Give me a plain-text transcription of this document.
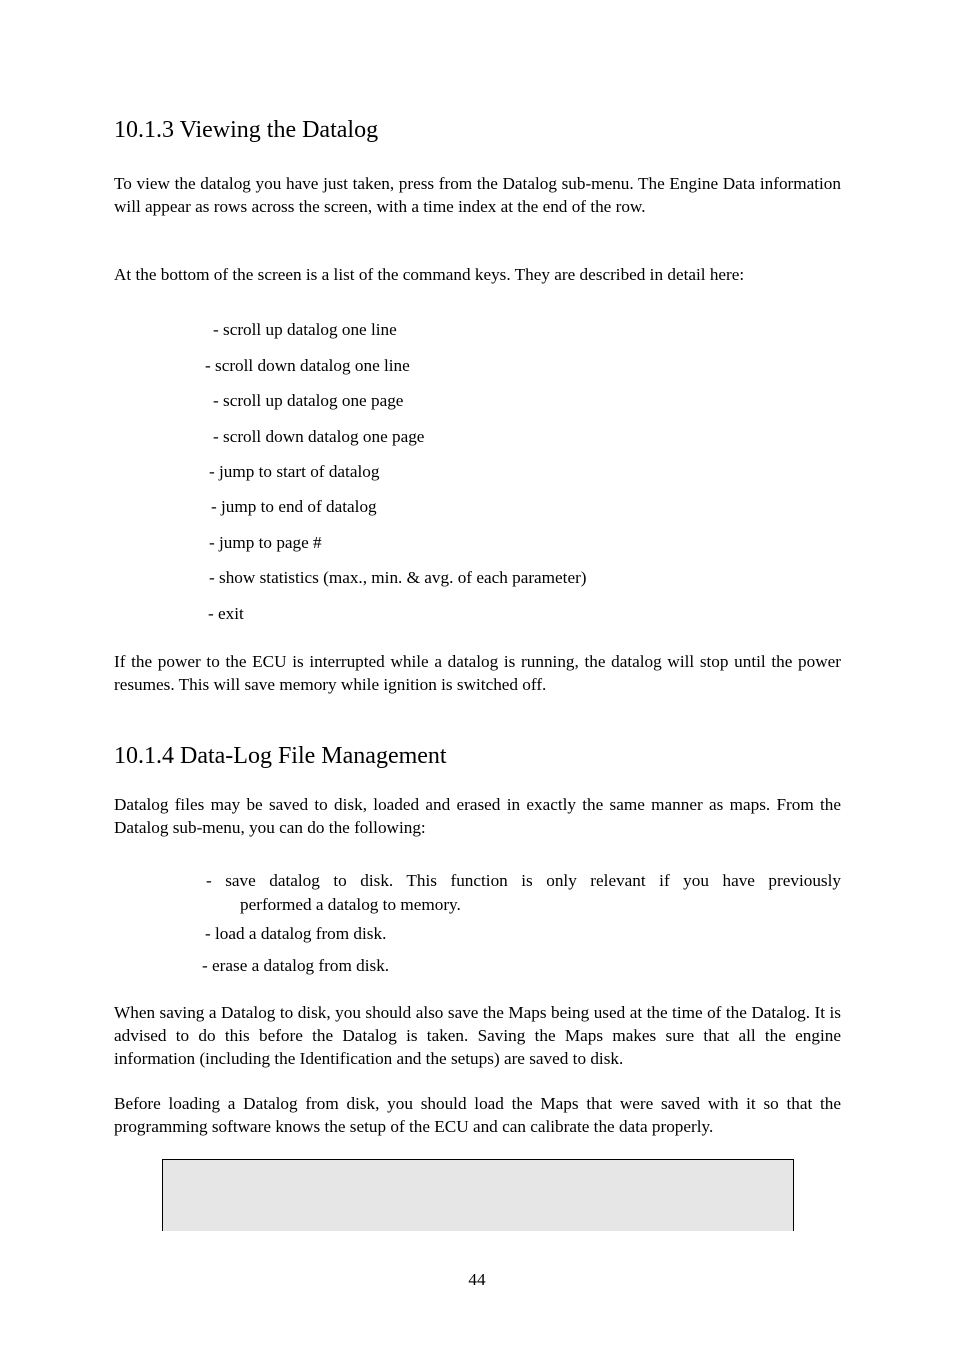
10.1.3 Viewing the Datalog

To view the datalog you have just taken, press from the Datalog sub-menu. The Engine Data information will appear as rows across the screen, with a time index at the end of the row.

At the bottom of the screen is a list of the command keys. They are described in detail here:

- scroll up datalog one line
- scroll down datalog one line
- scroll up datalog one page
- scroll down datalog one page
- jump to start of datalog
- jump to end of datalog
- jump to page #
- show statistics (max., min. & avg. of each parameter)
- exit

If the power to the ECU is interrupted while a datalog is running, the datalog will stop until the power resumes. This will save memory while ignition is switched off.

10.1.4 Data-Log File Management

Datalog files may be saved to disk, loaded and erased in exactly the same manner as maps. From the Datalog sub-menu, you can do the following:

- save datalog to disk. This function is only relevant if you have previously
performed a datalog to memory.
- load a datalog from disk.
- erase a datalog from disk.

When saving a Datalog to disk, you should also save the Maps being used at the time of the Datalog. It is advised to do this before the Datalog is taken. Saving the Maps makes sure that all the engine information (including the Identification and the setups) are saved to disk.

Before loading a Datalog from disk, you should load the Maps that were saved with it so that the programming software knows the setup of the ECU and can calibrate the data properly.

44
